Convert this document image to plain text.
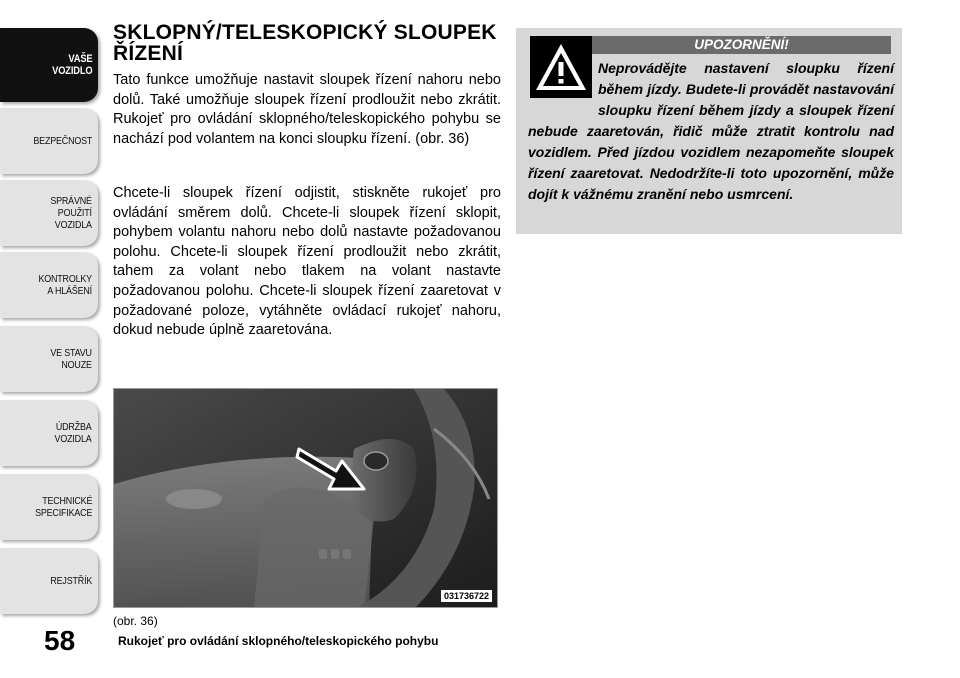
VAŠE
VOZIDLO
BEZPEČNOST
SPRÁVNÉ
POUŽITÍ
VOZIDLA
KONTROLKY
A HLÁŠENÍ
VE STAVU
NOUZE
ÚDRŽBA
VOZIDLA
TECHNICKÉ
SPECIFIKACE
REJSTŘÍK
58
SKLOPNÝ/TELESKOPICKÝ SLOUPEK ŘÍZENÍ

Tato funkce umožňuje nastavit sloupek řízení nahoru nebo dolů. Také umožňuje sloupek řízení prodloužit nebo zkrátit. Rukojeť pro ovládání sklopného/teleskopického pohybu se nachází pod volantem na konci sloupku řízení. (obr. 36)

Chcete-li sloupek řízení odjistit, stiskněte rukojeť pro ovládání směrem dolů. Chcete-li sloupek řízení sklopit, pohybem volantu nahoru nebo dolů nastavte požadovanou polohu. Chcete-li sloupek řízení prodloužit nebo zkrátit, tahem za volant nebo tlakem na volant nastavte požadovanou polohu. Chcete-li sloupek řízení zaaretovat v požadované poloze, vytáhněte ovládací rukojeť nahoru, dokud nebude úplně zaaretována.

031736722
(obr. 36)
Rukojeť pro ovládání sklopného/teleskopického pohybu
UPOZORNĚNÍ!
Neprovádějte nastavení sloupku řízení během jízdy. Budete-li provádět nastavování sloupku řízení během jízdy a sloupek řízení nebude zaaretován, řidič může ztratit kontrolu nad vozidlem. Před jízdou vozidlem nezapomeňte sloupek řízení zaaretovat. Nedodržíte-li toto upozornění, může dojít k vážnému zranění nebo usmrcení.
